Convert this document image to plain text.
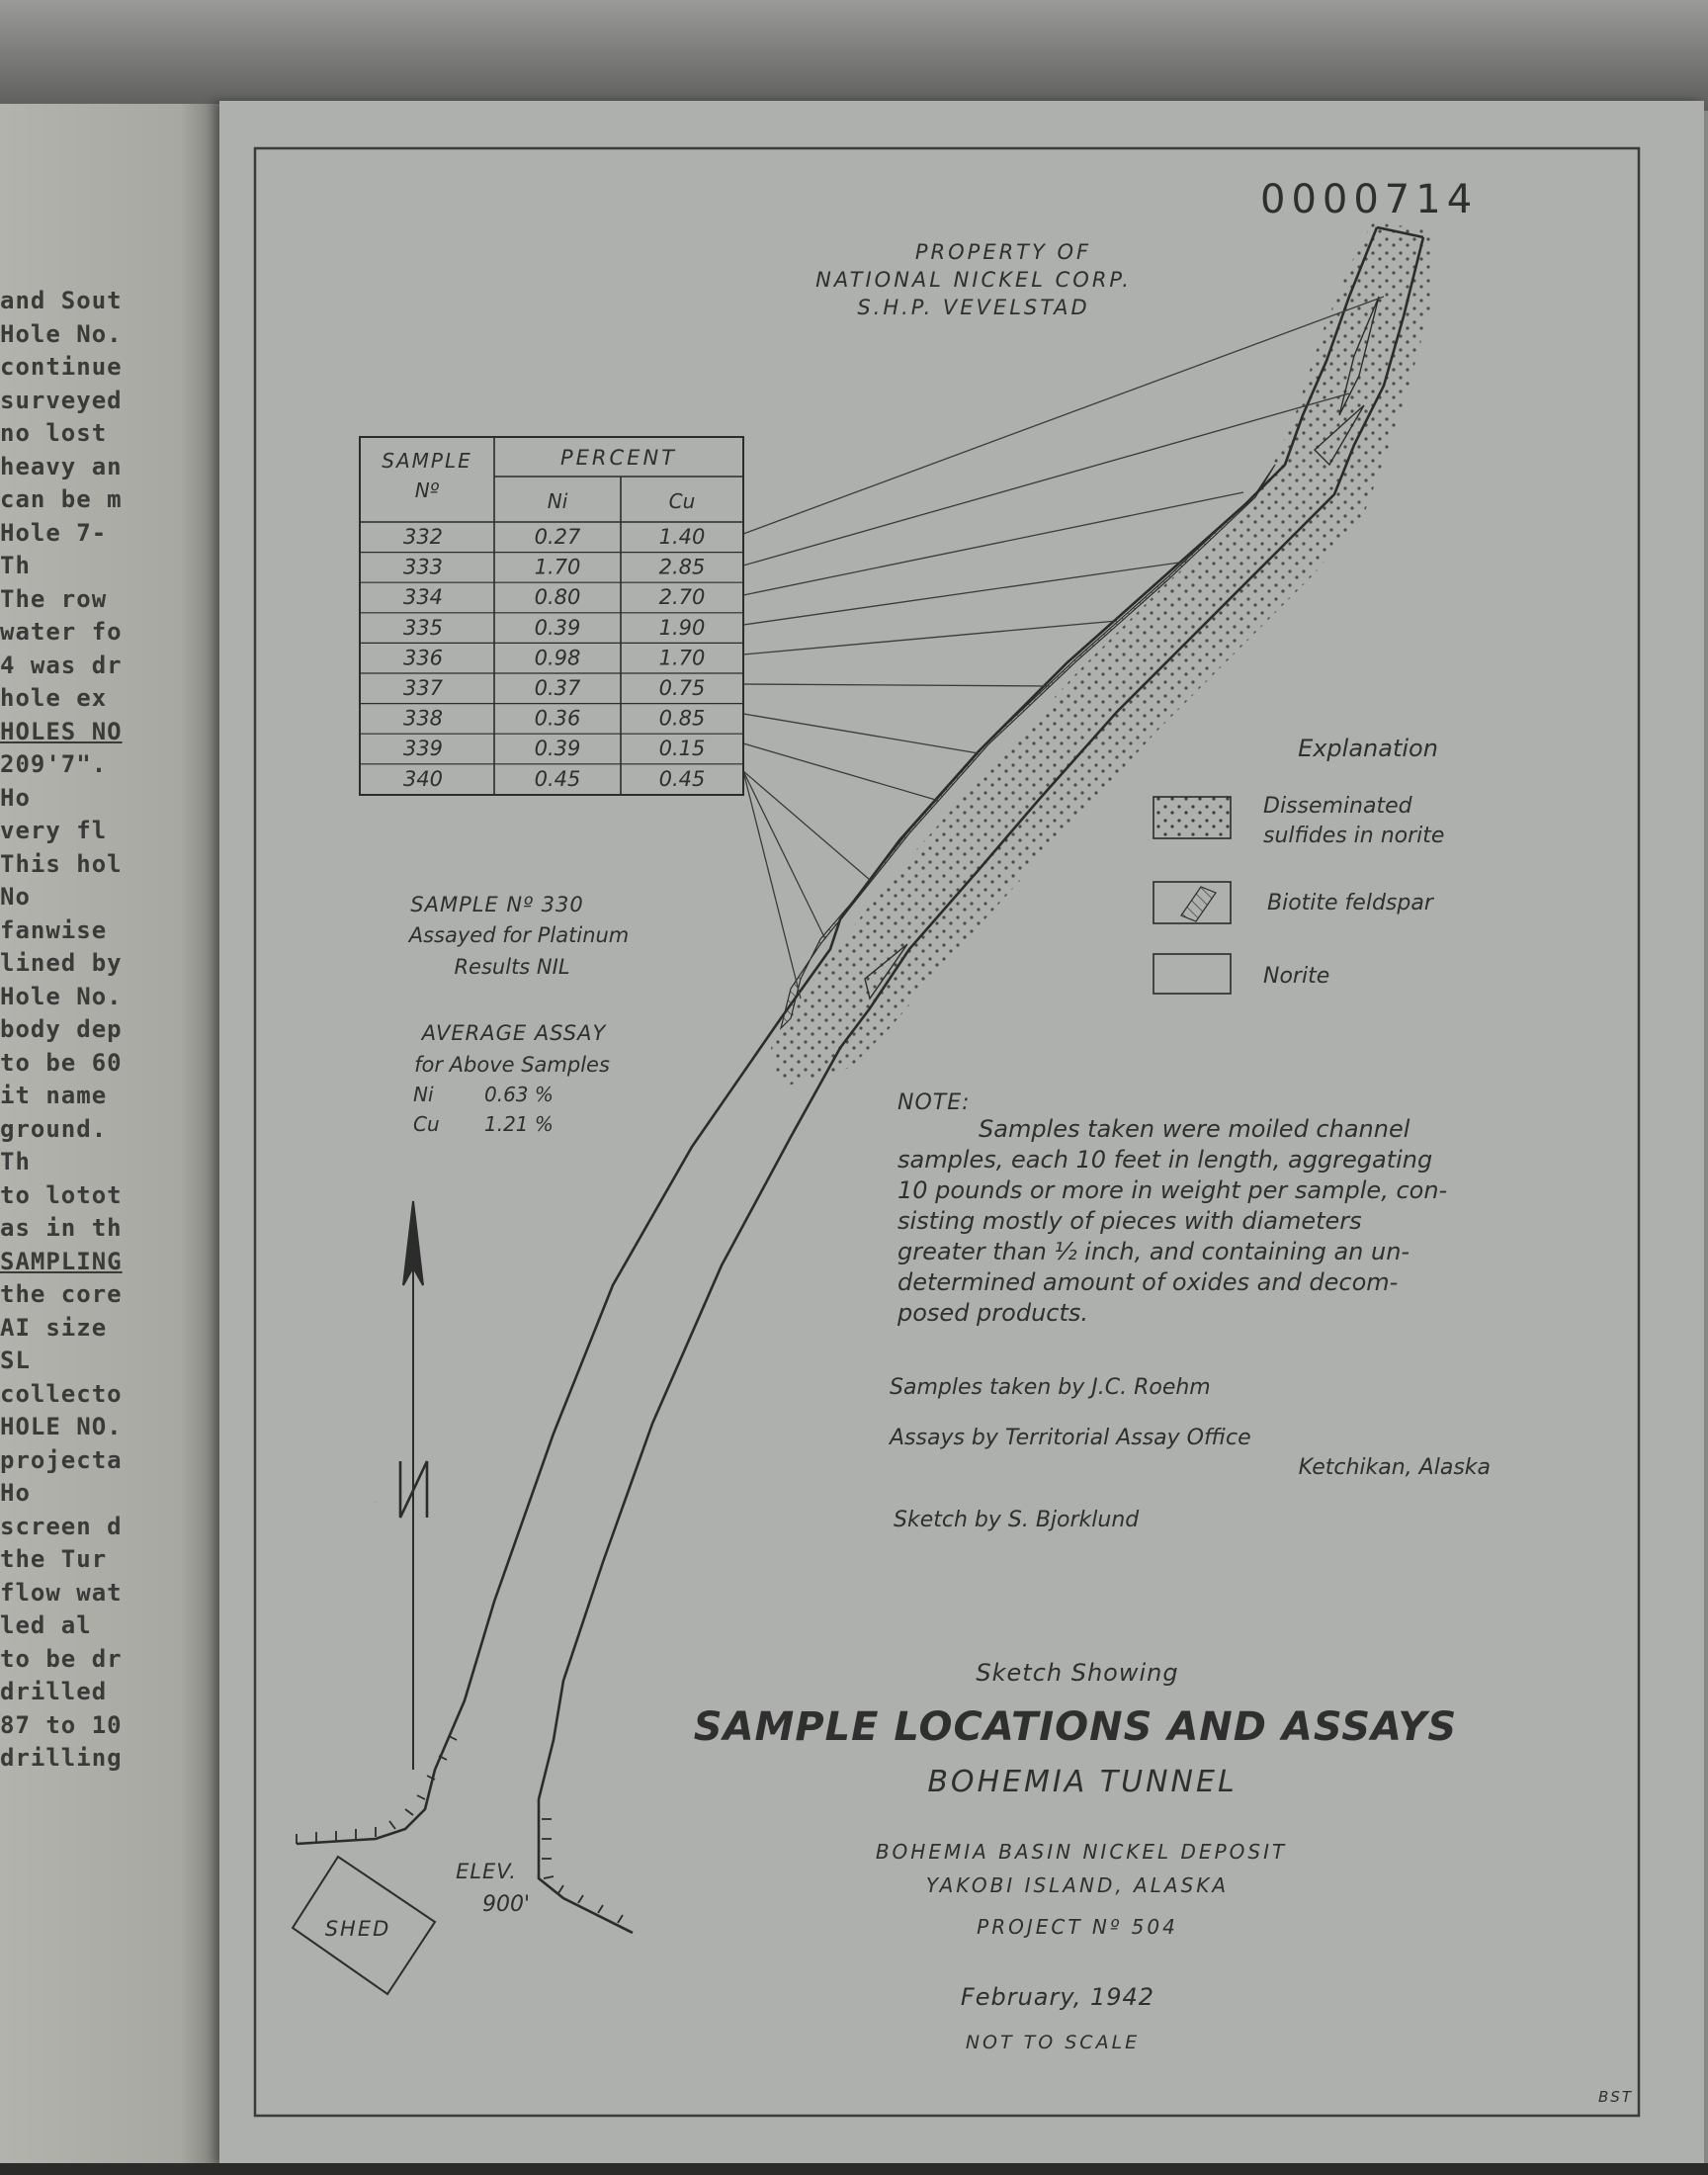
and Sout
Hole No.
continue
surveyed
no lost
heavy an
can be m
Hole 7-
Th
The row
water fo
4 was dr
hole ex
HOLES NO
209'7".
Ho
very fl
This hol
No
fanwise
lined by
Hole No.
body dep
to be 60
it name
ground.
Th
to lotot
as in th
SAMPLING
the core
AI size
SL
collecto
HOLE NO.
projecta
Ho
screen d
the Tur
flow wat
led al
to be dr
drilled
87 to 10
drilling
0000714
PROPERTY OF
NATIONAL NICKEL CORP.
S.H.P. VEVELSTAD
SAMPLE
Nº
PERCENT
Ni	Cu
332	0.27	1.40
333	1.70	2.85
334	0.80	2.70
335	0.39	1.90
336	0.98	1.70
337	0.37	0.75
338	0.36	0.85
339	0.39	0.15
340	0.45	0.45
SAMPLE Nº 330
Assayed for Platinum
Results NIL
AVERAGE ASSAY
for Above Samples
Ni	0.63 %
Cu 1.21 %
N
SHED
ELEV.
900'
Explanation
Disseminated
sulfides in norite
Biotite feldspar
Norite
NOTE:
Samples taken were moiled channel
samples, each 10 feet in length, aggregating
10 pounds or more in weight per sample, con-
sisting mostly of pieces with diameters
greater than ½ inch, and containing an un-
determined amount of oxides and decom-
posed products.
Samples taken by J.C. Roehm
Assays by Territorial Assay Office
Ketchikan, Alaska
Sketch by S. Bjorklund
Sketch Showing
SAMPLE LOCATIONS AND ASSAYS
BOHEMIA TUNNEL
BOHEMIA BASIN NICKEL DEPOSIT
YAKOBI ISLAND, ALASKA
PROJECT Nº 504
February, 1942
NOT TO SCALE
BST
